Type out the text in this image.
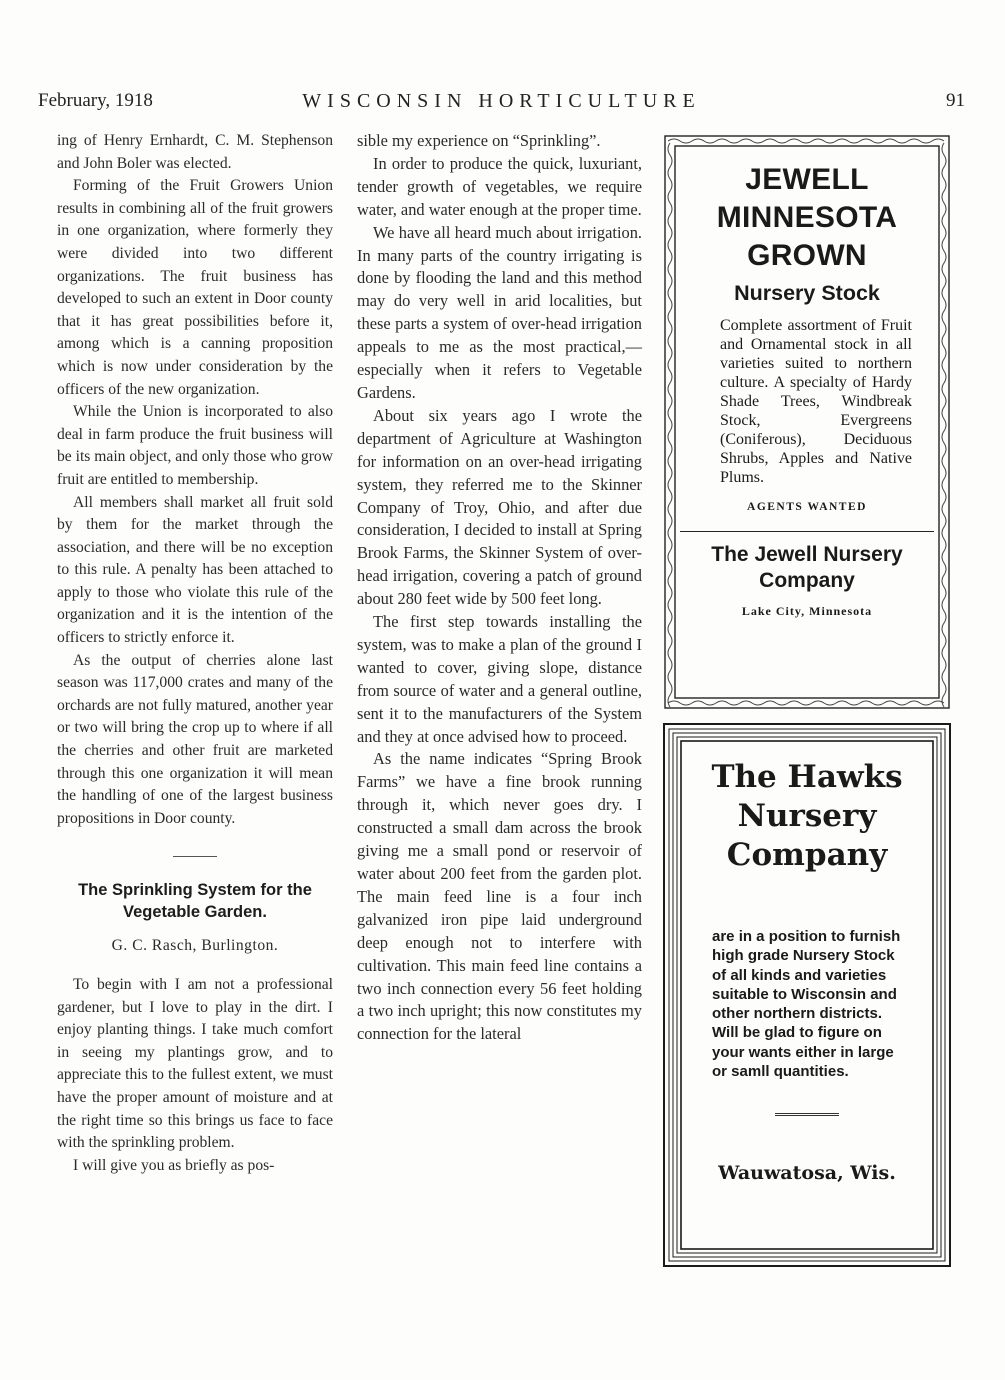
February, 1918	WISCONSIN HORTICULTURE	91

ing of Henry Ernhardt, C. M. Stephenson and John Boler was elected.

Forming of the Fruit Growers Union results in combining all of the fruit growers in one organization, where formerly they were divided into two different organizations. The fruit business has developed to such an extent in Door county that it has great possibilities before it, among which is a canning proposition which is now under consideration by the officers of the new organization.

While the Union is incorporated to also deal in farm produce the fruit business will be its main object, and only those who grow fruit are entitled to membership.

All members shall market all fruit sold by them for the market through the association, and there will be no exception to this rule. A penalty has been attached to apply to those who violate this rule of the organization and it is the intention of the officers to strictly enforce it.

As the output of cherries alone last season was 117,000 crates and many of the orchards are not fully matured, another year or two will bring the crop up to where if all the cherries and other fruit are marketed through this one organization it will mean the handling of one of the largest business propositions in Door county.

The Sprinkling System for the
Vegetable Garden.
G. C. Rasch, Burlington.

To begin with I am not a professional gardener, but I love to play in the dirt. I enjoy planting things. I take much comfort in seeing my plantings grow, and to appreciate this to the fullest extent, we must have the proper amount of moisture and at the right time so this brings us face to face with the sprinkling problem.

I will give you as briefly as pos-

sible my experience on “Sprinkling”.

In order to produce the quick, luxuriant, tender growth of vegetables, we require water, and water enough at the proper time.

We have all heard much about irrigation. In many parts of the country irrigating is done by flooding the land and this method may do very well in arid localities, but these parts a system of over-head irrigation appeals to me as the most practical,—especially when it refers to Vegetable Gardens.

About six years ago I wrote the department of Agriculture at Washington for information on an over-head irrigating system, they referred me to the Skinner Company of Troy, Ohio, and after due consideration, I decided to install at Spring Brook Farms, the Skinner System of over-head irrigation, covering a patch of ground about 280 feet wide by 500 feet long.

The first step towards installing the system, was to make a plan of the ground I wanted to cover, giving slope, distance from source of water and a general outline, sent it to the manufacturers of the System and they at once advised how to proceed.

As the name indicates “Spring Brook Farms” we have a fine brook running through it, which never goes dry. I constructed a small dam across the brook giving me a small pond or reservoir of water about 200 feet from the garden plot. The main feed line is a four inch galvanized iron pipe laid underground deep enough not to interfere with cultivation. This main feed line contains a two inch connection every 56 feet holding a two inch upright; this now constitutes my connection for the lateral

JEWELL
MINNESOTA
GROWN
Nursery Stock
Complete assortment of Fruit and Ornamental stock in all varieties suited to northern culture. A specialty of Hardy Shade Trees, Windbreak Stock, Evergreens (Coniferous), Deciduous Shrubs, Apples and Native Plums.
AGENTS WANTED
The Jewell Nursery
Company
Lake City, Minnesota
The Hawks
Nursery
Company
are in a position to furnish high grade Nursery Stock of all kinds and varieties suitable to Wisconsin and other northern districts.
Will be glad to figure on your wants either in large or samll quantities.
Wauwatosa, Wis.
